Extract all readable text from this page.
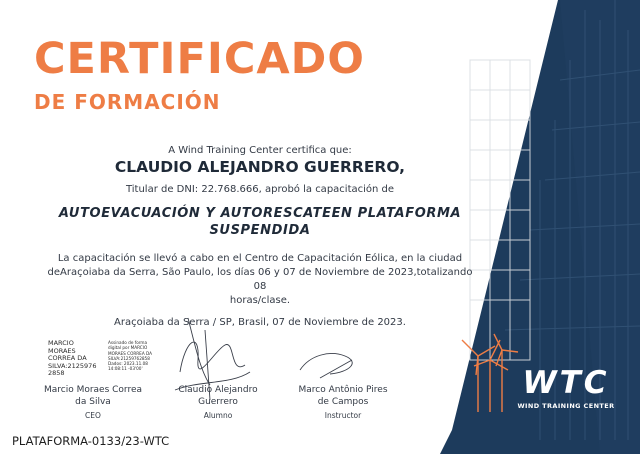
CERTIFICADO
DE FORMACIÓN
A Wind Training Center certifica que:
CLAUDIO ALEJANDRO GUERRERO,
Titular de DNI: 22.768.666, aprobó la capacitación de
AUTOEVACUACIÓN Y AUTORESCATEEN PLATAFORMA
SUSPENDIDA
La capacitación se llevó a cabo en el Centro de Capacitación Eólica, en la ciudad
deAraçoiaba da Serra, São Paulo, los días 06 y 07 de Noviembre de 2023,totalizando 08
horas/clase.
Araçoiaba da Serra / SP, Brasil, 07 de Noviembre de 2023.
MARCIO
MORAES
CORREA DA
SILVA:2125976
2858
Assinado de forma
digital por MARCIO
MORAES CORREA DA
SILVA:21259762858
Dados: 2023.11.08
14:08:11 -03'00'
Marcio Moraes Correa
da Silva
CEO
Claudio Alejandro
Guerrero
Alumno
Marco Antônio Pires
de Campos
Instructor
WTC
WIND TRAINING CENTER
PLATAFORMA-0133/23-WTC
